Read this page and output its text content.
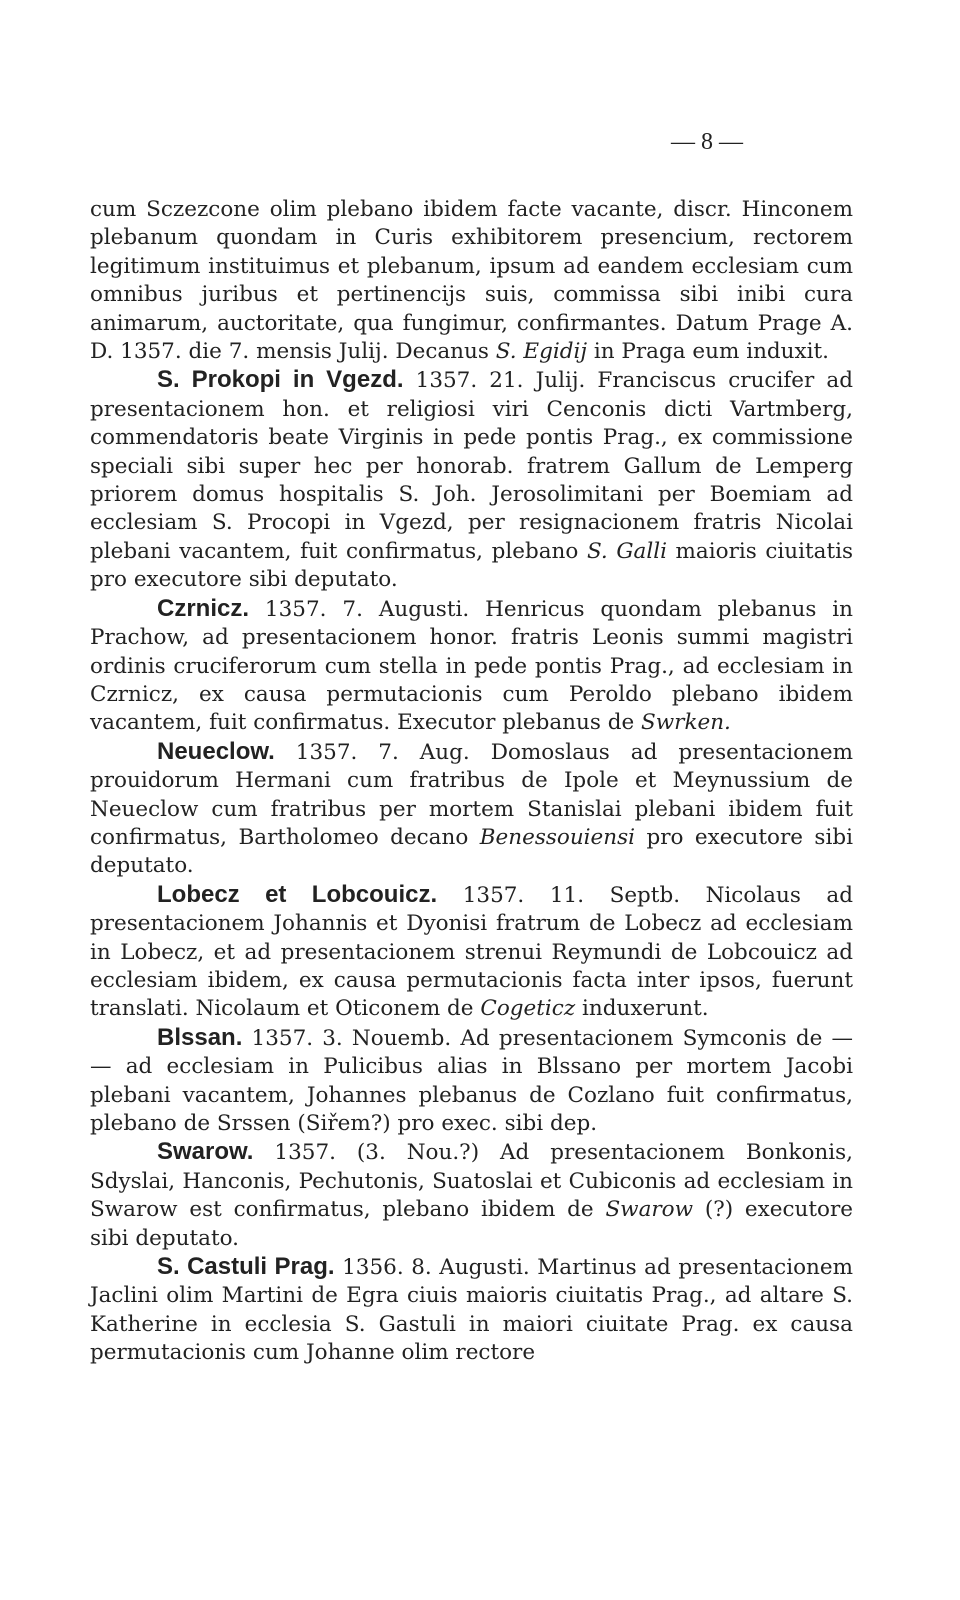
— 8 —

cum Sczezcone olim plebano ibidem facte vacante, discr. Hinconem plebanum quondam in Curis exhibitorem presencium, rectorem legitimum instituimus et plebanum, ipsum ad eandem ecclesiam cum omnibus juribus et pertinencijs suis, commissa sibi inibi cura animarum, auctoritate, qua fungimur, confirmantes. Datum Prage A. D. 1357. die 7. mensis Julij. Decanus S. Egidij in Praga eum induxit.

S. Prokopi in Vgezd. 1357. 21. Julij. Franciscus crucifer ad presentacionem hon. et religiosi viri Cenconis dicti Vartmberg, commendatoris beate Virginis in pede pontis Prag., ex commissione speciali sibi super hec per honorab. fratrem Gallum de Lemperg priorem domus hospitalis S. Joh. Jerosolimitani per Boemiam ad ecclesiam S. Procopi in Vgezd, per resignacionem fratris Nicolai plebani vacantem, fuit confirmatus, plebano S. Galli maioris ciuitatis pro executore sibi deputato.

Czrnicz. 1357. 7. Augusti. Henricus quondam plebanus in Prachow, ad presentacionem honor. fratris Leonis summi magistri ordinis cruciferorum cum stella in pede pontis Prag., ad ecclesiam in Czrnicz, ex causa permutacionis cum Peroldo plebano ibidem vacantem, fuit confirmatus. Executor plebanus de Swrken.

Neueclow. 1357. 7. Aug. Domoslaus ad presentacionem prouidorum Hermani cum fratribus de Ipole et Meynussium de Neueclow cum fratribus per mortem Stanislai plebani ibidem fuit confirmatus, Bartholomeo decano Benessouiensi pro executore sibi deputato.

Lobecz et Lobcouicz. 1357. 11. Septb. Nicolaus ad presentacionem Johannis et Dyonisi fratrum de Lobecz ad ecclesiam in Lobecz, et ad presentacionem strenui Reymundi de Lobcouicz ad ecclesiam ibidem, ex causa permutacionis facta inter ipsos, fuerunt translati. Nicolaum et Oticonem de Cogeticz induxerunt.

Blssan. 1357. 3. Nouemb. Ad presentacionem Symconis de — — ad ecclesiam in Pulicibus alias in Blssano per mortem Jacobi plebani vacantem, Johannes plebanus de Cozlano fuit confirmatus, plebano de Srssen (Siřem?) pro exec. sibi dep.

Swarow. 1357. (3. Nou.?) Ad presentacionem Bonkonis, Sdyslai, Hanconis, Pechutonis, Suatoslai et Cubiconis ad ecclesiam in Swarow est confirmatus, plebano ibidem de Swarow (?) executore sibi deputato.

S. Castuli Prag. 1356. 8. Augusti. Martinus ad presentacionem Jaclini olim Martini de Egra ciuis maioris ciuitatis Prag., ad altare S. Katherine in ecclesia S. Gastuli in maiori ciuitate Prag. ex causa permutacionis cum Johanne olim rectore
